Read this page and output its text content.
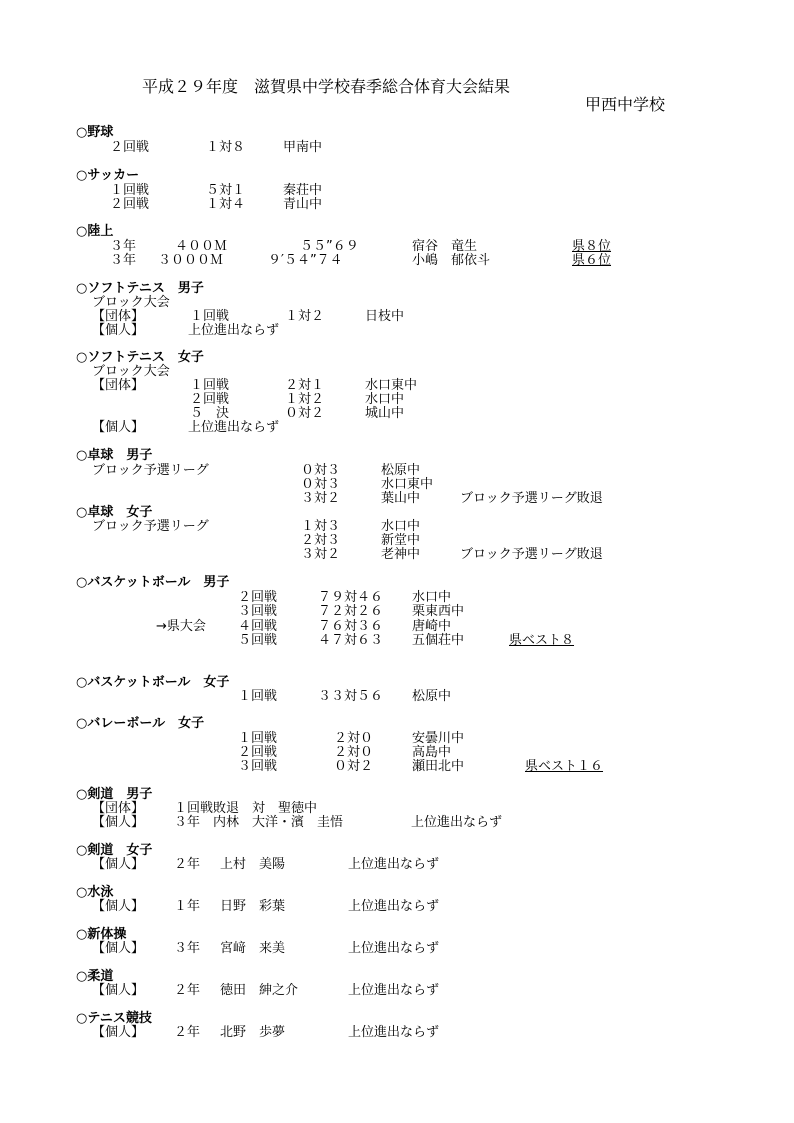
平成２９年度　滋賀県中学校春季総合体育大会結果
甲西中学校
○野球
２回戦	１対８	甲南中
○サッカー
１回戦	５対１	秦荘中
２回戦	１対４	青山中
○陸上
３年	４００Ｍ	５５”６９	宿谷　竜生	県８位
３年 ３０００Ｍ	９′５４”７４	小嶋　郁依斗	県６位
○ソフトテニス　男子
ブロック大会
【団体】	１回戦	１対２	日枝中
【個人】	上位進出ならず
○ソフトテニス　女子
ブロック大会
【団体】	１回戦	２対１	水口東中
２回戦	１対２	水口中
５　決	０対２	城山中
【個人】	上位進出ならず
○卓球　男子
ブロック予選リーグ	０対３	松原中
０対３	水口東中
３対２	葉山中	ブロック予選リーグ敗退
○卓球　女子
ブロック予選リーグ	１対３	水口中
２対３	新堂中
３対２	老神中	ブロック予選リーグ敗退
○バスケットボール　男子
２回戦	７９対４６ 水口中
３回戦	７２対２６ 栗東西中
→県大会 ４回戦	７６対３６ 唐崎中
５回戦	４７対６３ 五個荘中	県ベスト８
○バスケットボール　女子
１回戦	３３対５６ 松原中
○バレーボール　女子
１回戦	２対０	安曇川中
２回戦	２対０	高島中
３回戦	０対２	瀬田北中	県ベスト１６
○剣道　男子
【団体】 １回戦敗退　対　聖徳中
【個人】 ３年　内林　大洋・濱　圭悟	上位進出ならず
○剣道　女子
【個人】 ２年 上村　美陽	上位進出ならず
○水泳
【個人】 １年 日野　彩葉	上位進出ならず
○新体操
【個人】 ３年 宮﨑　来美	上位進出ならず
○柔道
【個人】 ２年 徳田　紳之介	上位進出ならず
○テニス競技
【個人】 ２年 北野　歩夢	上位進出ならず
